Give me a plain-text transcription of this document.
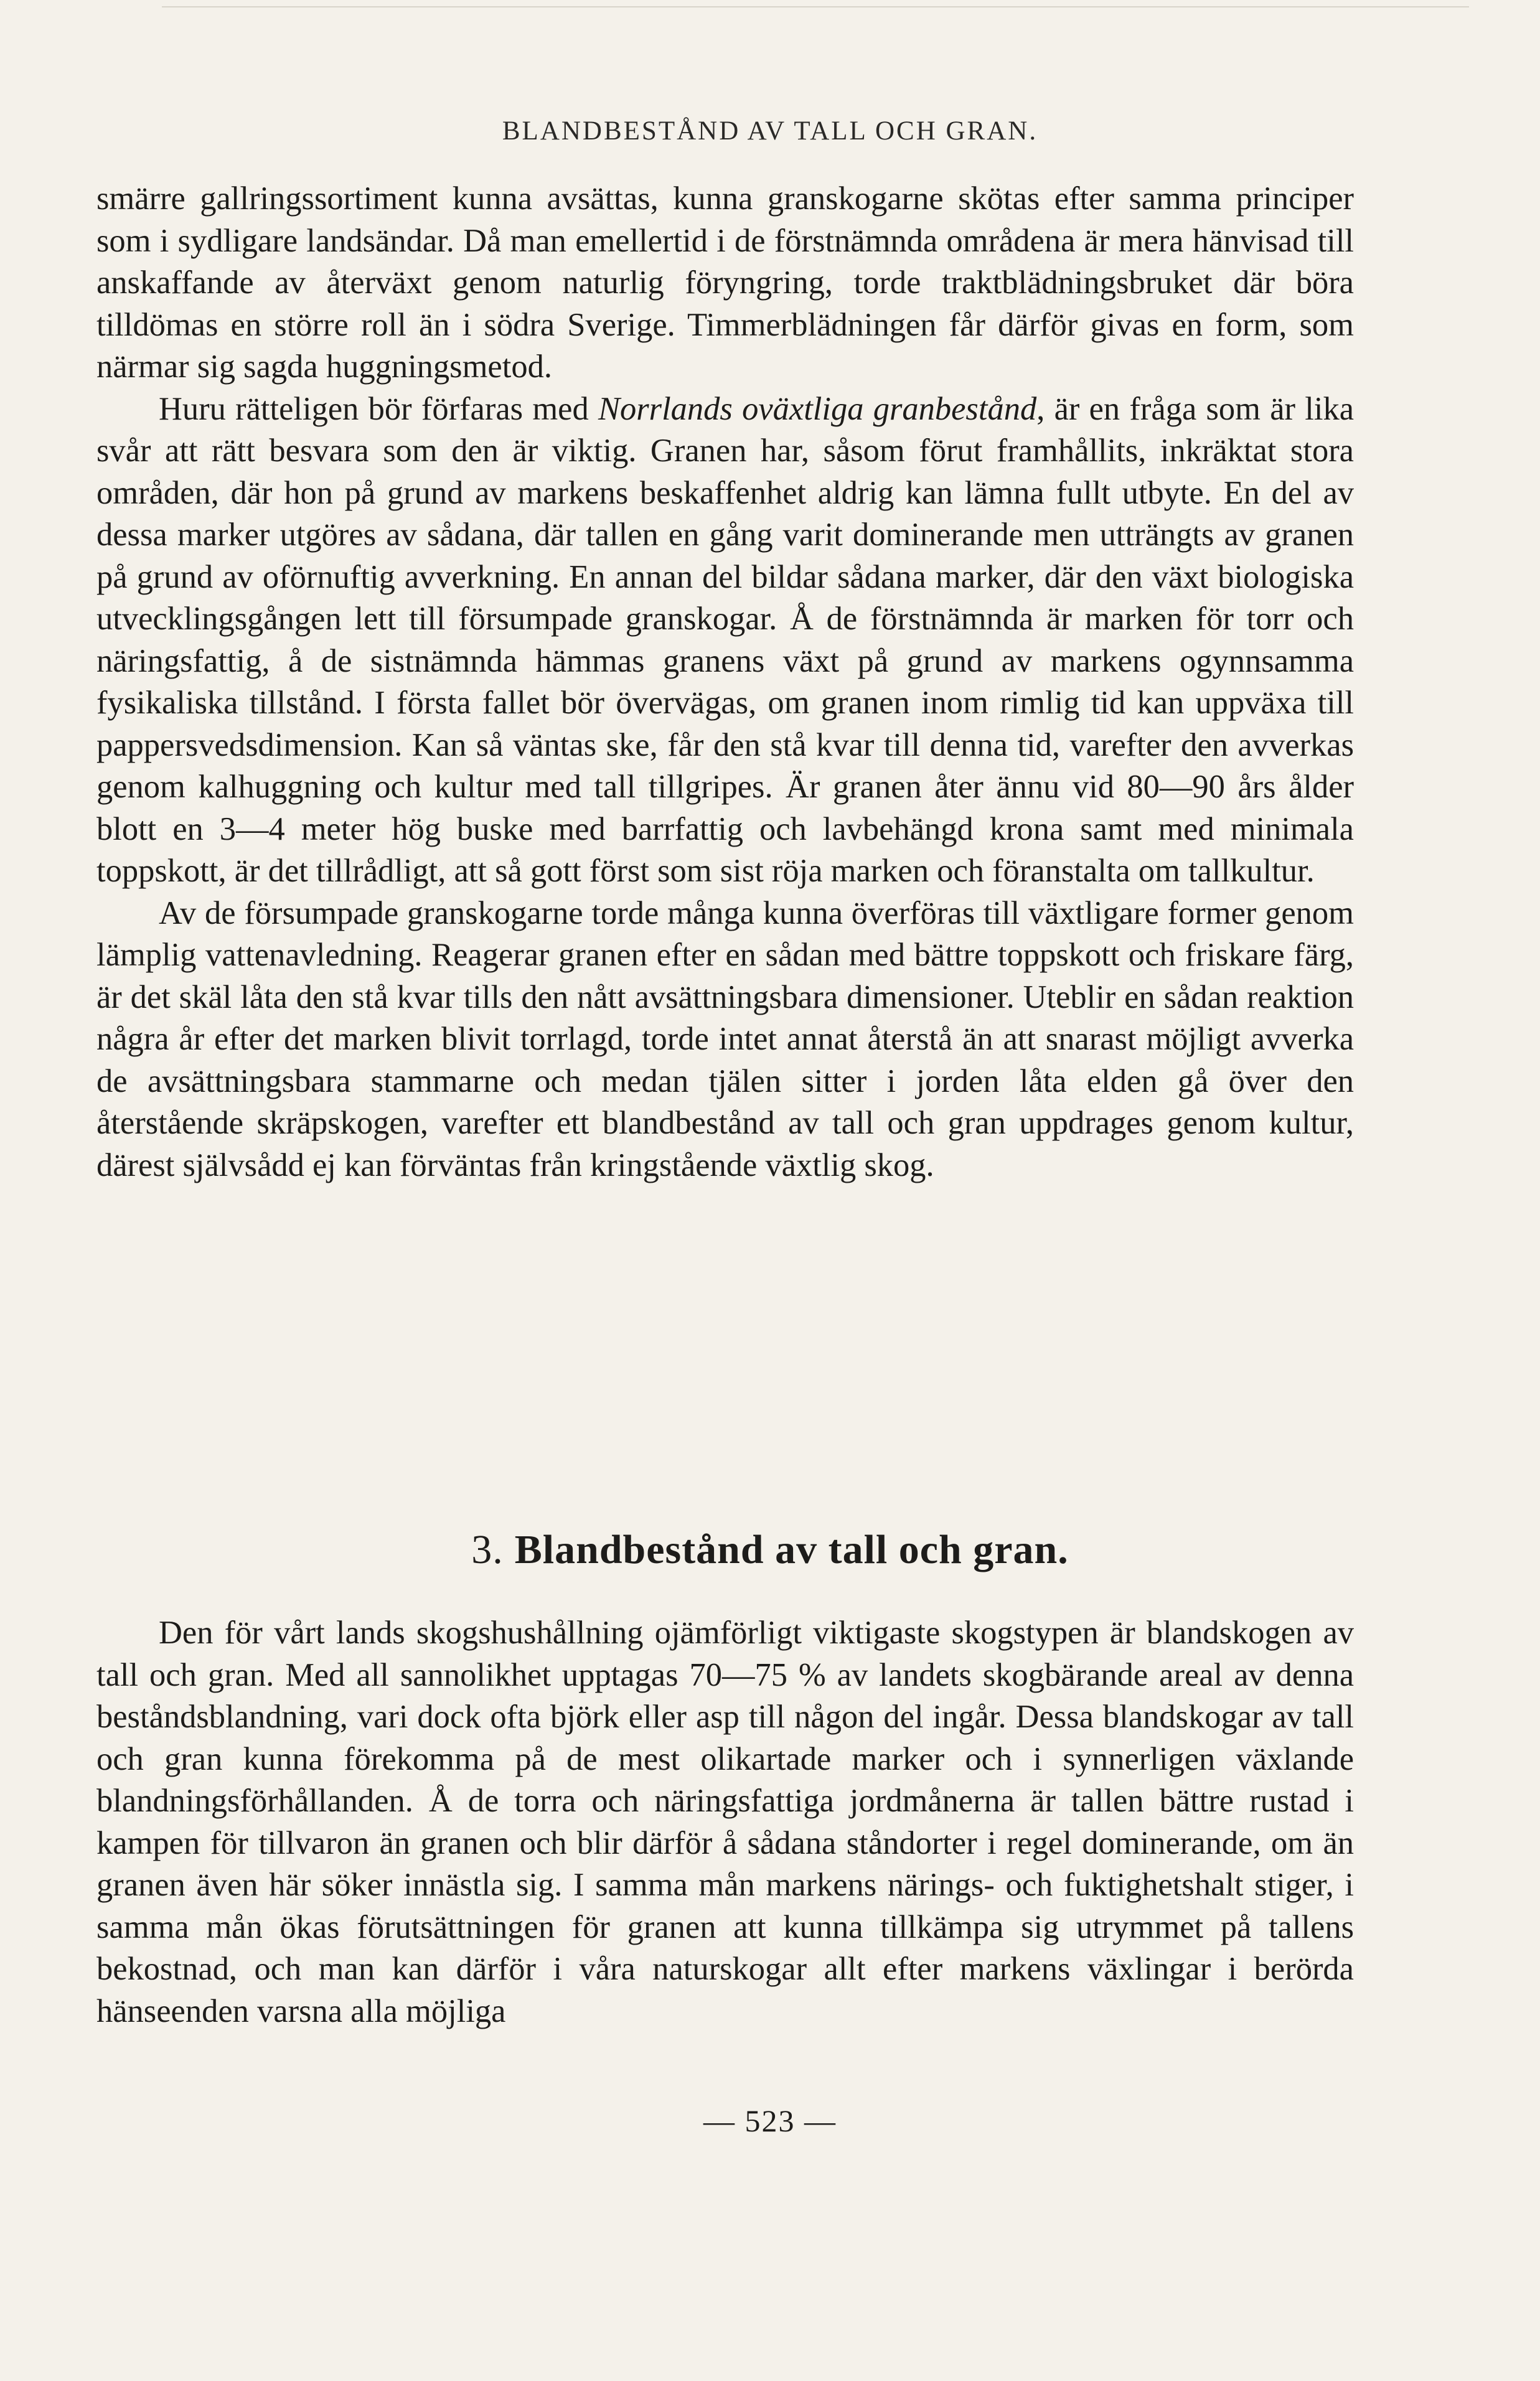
BLANDBESTÅND AV TALL OCH GRAN.

smärre gallringssortiment kunna avsättas, kunna granskogarne skötas efter samma principer som i sydligare landsändar. Då man emellertid i de förstnämnda områdena är mera hänvisad till anskaffande av återväxt genom naturlig föryngring, torde traktblädningsbruket där böra tilldömas en större roll än i södra Sverige. Timmerblädningen får därför givas en form, som närmar sig sagda huggningsmetod.

Huru rätteligen bör förfaras med Norrlands oväxtliga granbestånd, är en fråga som är lika svår att rätt besvara som den är viktig. Granen har, såsom förut framhållits, inkräktat stora områden, där hon på grund av markens beskaffenhet aldrig kan lämna fullt utbyte. En del av dessa marker utgöres av sådana, där tallen en gång varit dominerande men utträngts av granen på grund av oförnuftig avverkning. En annan del bildar sådana marker, där den växt biologiska utvecklingsgången lett till försumpade granskogar. Å de förstnämnda är marken för torr och näringsfattig, å de sistnämnda hämmas granens växt på grund av markens ogynnsamma fysikaliska tillstånd. I första fallet bör övervägas, om granen inom rimlig tid kan uppväxa till pappersvedsdimension. Kan så väntas ske, får den stå kvar till denna tid, varefter den avverkas genom kalhuggning och kultur med tall tillgripes. Är granen åter ännu vid 80—90 års ålder blott en 3—4 meter hög buske med barrfattig och lavbehängd krona samt med minimala toppskott, är det tillrådligt, att så gott först som sist röja marken och föranstalta om tallkultur.

Av de försumpade granskogarne torde många kunna överföras till växtligare former genom lämplig vattenavledning. Reagerar granen efter en sådan med bättre toppskott och friskare färg, är det skäl låta den stå kvar tills den nått avsättningsbara dimensioner. Uteblir en sådan reaktion några år efter det marken blivit torrlagd, torde intet annat återstå än att snarast möjligt avverka de avsättningsbara stammarne och medan tjälen sitter i jorden låta elden gå över den återstående skräpskogen, varefter ett blandbestånd av tall och gran uppdrages genom kultur, därest självsådd ej kan förväntas från kringstående växtlig skog.

3. Blandbestånd av tall och gran.

Den för vårt lands skogshushållning ojämförligt viktigaste skogstypen är blandskogen av tall och gran. Med all sannolikhet upptagas 70—75 % av landets skogbärande areal av denna beståndsblandning, vari dock ofta björk eller asp till någon del ingår. Dessa blandskogar av tall och gran kunna förekomma på de mest olikartade marker och i synnerligen växlande blandningsförhållanden. Å de torra och näringsfattiga jordmånerna är tallen bättre rustad i kampen för tillvaron än granen och blir därför å sådana ståndorter i regel dominerande, om än granen även här söker innästla sig. I samma mån markens närings- och fuktighetshalt stiger, i samma mån ökas förutsättningen för granen att kunna tillkämpa sig utrymmet på tallens bekostnad, och man kan därför i våra naturskogar allt efter markens växlingar i berörda hänseenden varsna alla möjliga

— 523 —
